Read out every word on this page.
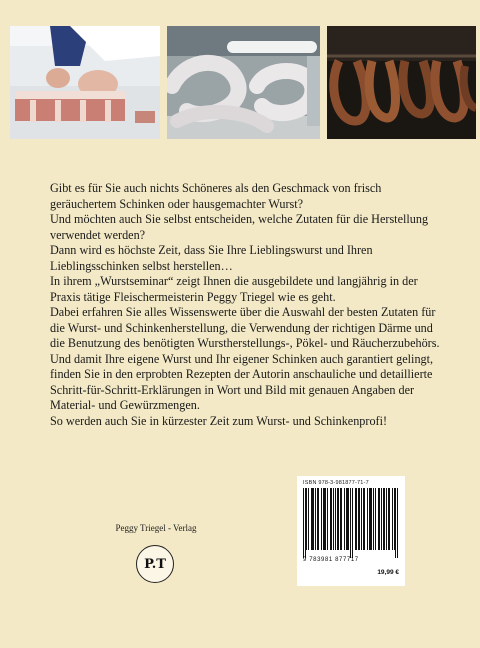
Gibt es für Sie auch nichts Schöneres als den Geschmack von frisch geräuchertem Schinken oder hausgemachter Wurst?

Und möchten auch Sie selbst entscheiden, welche Zutaten für die Herstellung verwendet werden?

Dann wird es höchste Zeit, dass Sie Ihre Lieblingswurst und Ihren Lieblingsschinken selbst herstellen…

In ihrem „Wurstseminar“ zeigt Ihnen die ausgebildete und langjährig in der Praxis tätige Fleischermeisterin Peggy Triegel wie es geht.

Dabei erfahren Sie alles Wissenswerte über die Auswahl der besten Zutaten für die Wurst- und Schinkenherstellung, die Verwendung der richtigen Därme und die Benutzung des benötigten Wurstherstellungs-, Pökel- und Räucherzubehörs.

Und damit Ihre eigene Wurst und Ihr eigener Schinken auch garantiert gelingt, finden Sie in den erprobten Rezepten der Autorin anschauliche und detaillierte Schritt-für-Schritt-Erklärungen in Wort und Bild mit genauen Angaben der Material- und Gewürzmengen.

So werden auch Sie in kürzester Zeit zum Wurst- und Schinkenprofi!

Peggy Triegel - Verlag
P.T
ISBN 978-3-981877-71-7
9 783981 877717
19,99 €
